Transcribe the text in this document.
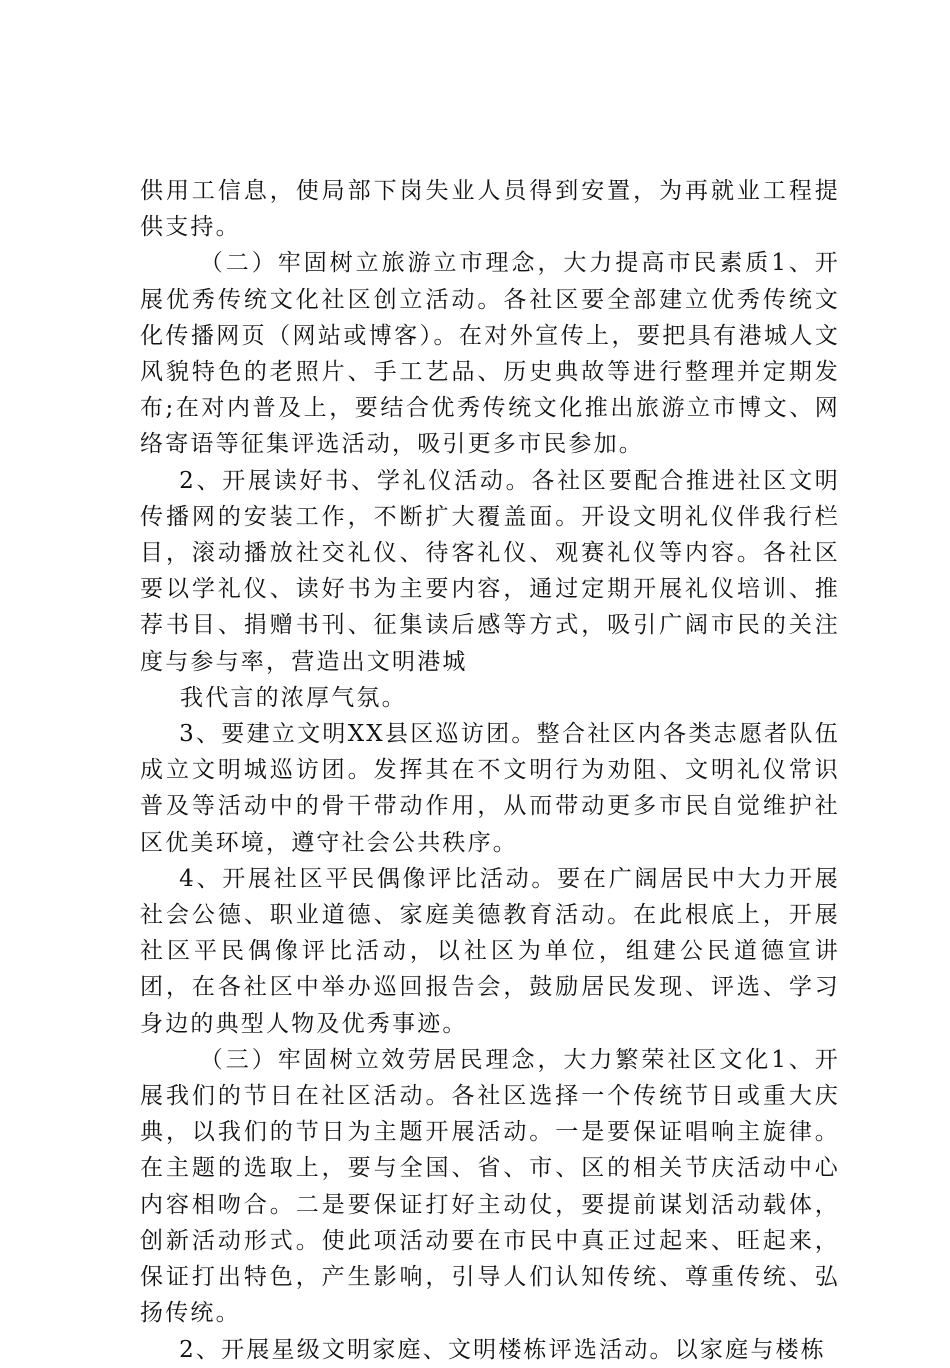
供用工信息，使局部下岗失业人员得到安置，为再就业工程提供支持。

（二）牢固树立旅游立市理念，大力提高市民素质1、开展优秀传统文化社区创立活动。各社区要全部建立优秀传统文化传播网页（网站或博客）。在对外宣传上，要把具有港城人文风貌特色的老照片、手工艺品、历史典故等进行整理并定期发布;在对内普及上，要结合优秀传统文化推出旅游立市博文、网络寄语等征集评选活动，吸引更多市民参加。

2、开展读好书、学礼仪活动。各社区要配合推进社区文明传播网的安装工作，不断扩大覆盖面。开设文明礼仪伴我行栏目，滚动播放社交礼仪、待客礼仪、观赛礼仪等内容。各社区要以学礼仪、读好书为主要内容，通过定期开展礼仪培训、推荐书目、捐赠书刊、征集读后感等方式，吸引广阔市民的关注度与参与率，营造出文明港城

我代言的浓厚气氛。

3、要建立文明XX县区巡访团。整合社区内各类志愿者队伍成立文明城巡访团。发挥其在不文明行为劝阻、文明礼仪常识普及等活动中的骨干带动作用，从而带动更多市民自觉维护社区优美环境，遵守社会公共秩序。

4、开展社区平民偶像评比活动。要在广阔居民中大力开展社会公德、职业道德、家庭美德教育活动。在此根底上，开展社区平民偶像评比活动，以社区为单位，组建公民道德宣讲团，在各社区中举办巡回报告会，鼓励居民发现、评选、学习身边的典型人物及优秀事迹。

（三）牢固树立效劳居民理念，大力繁荣社区文化1、开展我们的节日在社区活动。各社区选择一个传统节日或重大庆典，以我们的节日为主题开展活动。一是要保证唱响主旋律。在主题的选取上，要与全国、省、市、区的相关节庆活动中心内容相吻合。二是要保证打好主动仗，要提前谋划活动载体，创新活动形式。使此项活动要在市民中真正过起来、旺起来，保证打出特色，产生影响，引导人们认知传统、尊重传统、弘扬传统。

2、开展星级文明家庭、文明楼栋评选活动。以家庭与楼栋
